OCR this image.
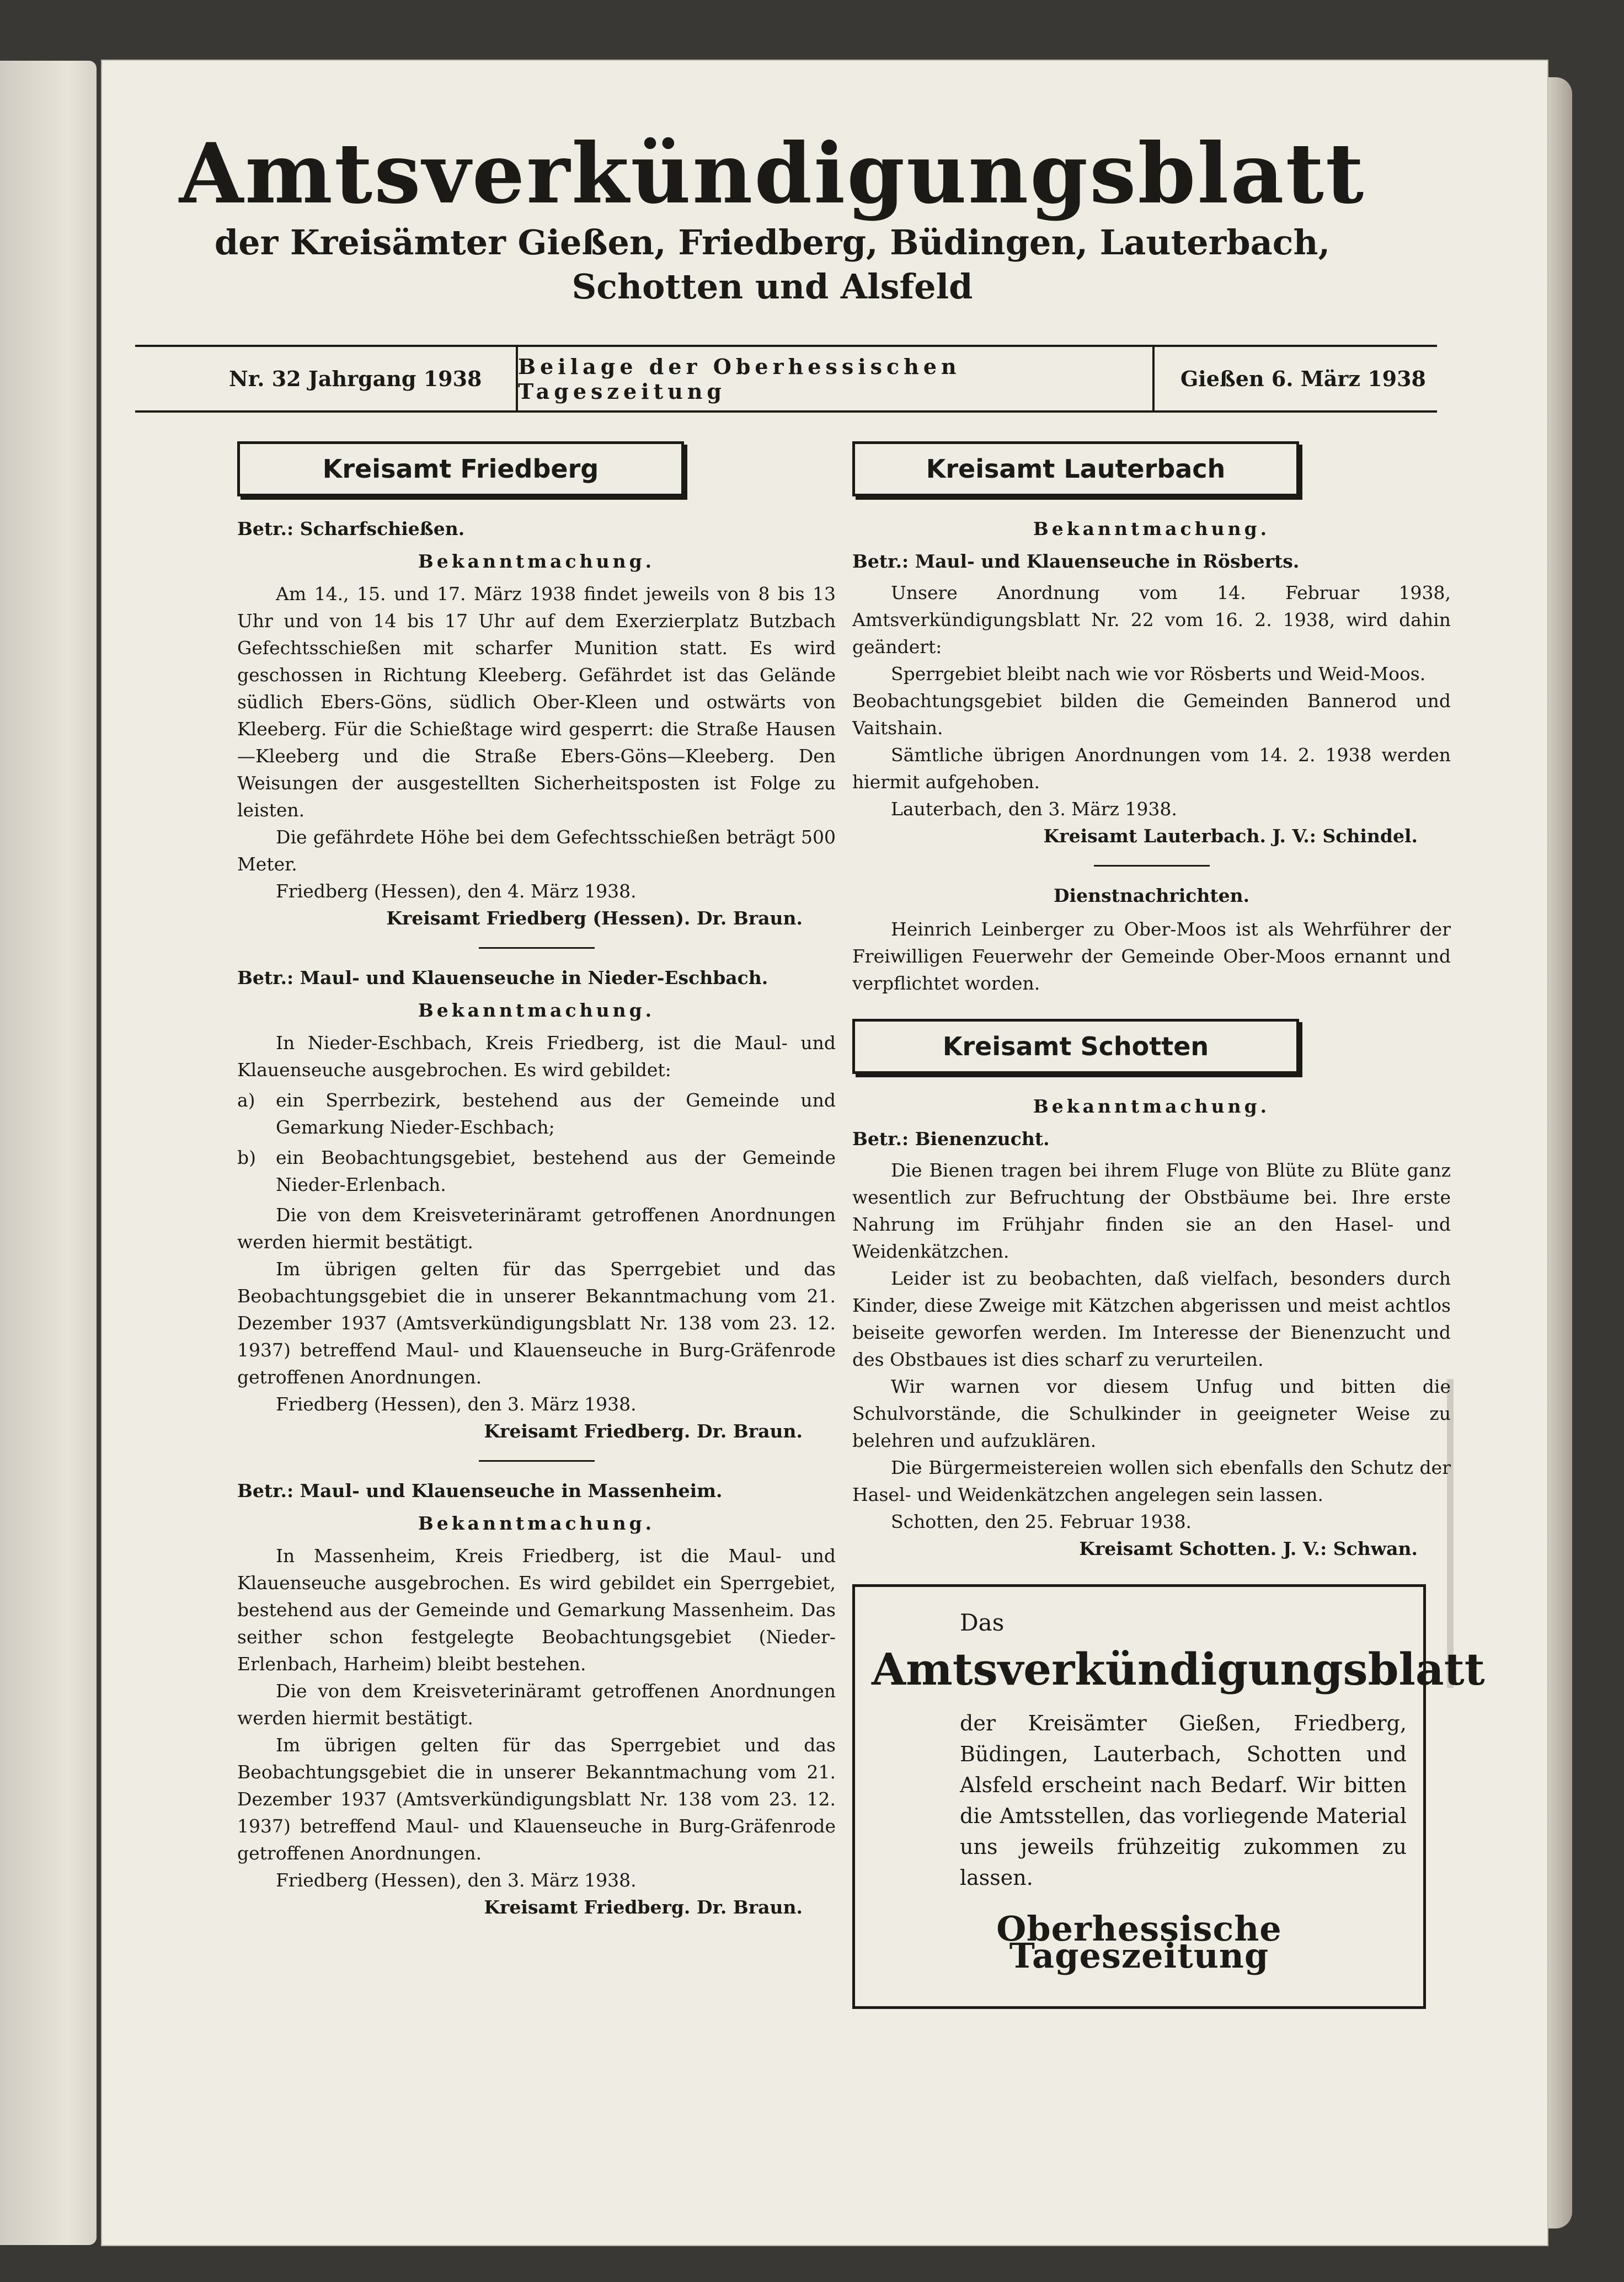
Amtsverkündigungsblatt
der Kreisämter Gießen, Friedberg, Büdingen, Lauterbach, Schotten und Alsfeld
Nr. 32 Jahrgang 1938	Beilage der Oberhessischen Tageszeitung	Gießen 6. März 1938
Kreisamt Friedberg

Betr.: Scharfschießen.

Bekanntmachung.

Am 14., 15. und 17. März 1938 findet jeweils von 8 bis 13 Uhr und von 14 bis 17 Uhr auf dem Exerzierplatz Butzbach Gefechtsschießen mit scharfer Munition statt. Es wird geschossen in Richtung Kleeberg. Gefährdet ist das Gelände südlich Ebers-Göns, südlich Ober-Kleen und ostwärts von Kleeberg. Für die Schießtage wird gesperrt: die Straße Hausen—Kleeberg und die Straße Ebers-Göns—Kleeberg. Den Weisungen der ausgestellten Sicherheitsposten ist Folge zu leisten.

Die gefährdete Höhe bei dem Gefechtsschießen beträgt 500 Meter.

Friedberg (Hessen), den 4. März 1938.

Kreisamt Friedberg (Hessen). Dr. Braun.

Betr.: Maul- und Klauenseuche in Nieder-Eschbach.

Bekanntmachung.

In Nieder-Eschbach, Kreis Friedberg, ist die Maul- und Klauenseuche ausgebrochen. Es wird gebildet:

a)	ein Sperrbezirk, bestehend aus der Gemeinde und Gemarkung Nieder-Eschbach;
b)	ein Beobachtungsgebiet, bestehend aus der Gemeinde Nieder-Erlenbach.

Die von dem Kreisveterinäramt getroffenen Anordnungen werden hiermit bestätigt.

Im übrigen gelten für das Sperrgebiet und das Beobachtungsgebiet die in unserer Bekanntmachung vom 21. Dezember 1937 (Amtsverkündigungsblatt Nr. 138 vom 23. 12. 1937) betreffend Maul- und Klauenseuche in Burg-Gräfenrode getroffenen Anordnungen.

Friedberg (Hessen), den 3. März 1938.

Kreisamt Friedberg. Dr. Braun.

Betr.: Maul- und Klauenseuche in Massenheim.

Bekanntmachung.

In Massenheim, Kreis Friedberg, ist die Maul- und Klauenseuche ausgebrochen. Es wird gebildet ein Sperrgebiet, bestehend aus der Gemeinde und Gemarkung Massenheim. Das seither schon festgelegte Beobachtungsgebiet (Nieder-Erlenbach, Harheim) bleibt bestehen.

Die von dem Kreisveterinäramt getroffenen Anordnungen werden hiermit bestätigt.

Im übrigen gelten für das Sperrgebiet und das Beobachtungsgebiet die in unserer Bekanntmachung vom 21. Dezember 1937 (Amtsverkündigungsblatt Nr. 138 vom 23. 12. 1937) betreffend Maul- und Klauenseuche in Burg-Gräfenrode getroffenen Anordnungen.

Friedberg (Hessen), den 3. März 1938.

Kreisamt Friedberg. Dr. Braun.

Kreisamt Lauterbach

Bekanntmachung.

Betr.: Maul- und Klauenseuche in Rösberts.

Unsere Anordnung vom 14. Februar 1938, Amtsverkündigungsblatt Nr. 22 vom 16. 2. 1938, wird dahin geändert:

Sperrgebiet bleibt nach wie vor Rösberts und Weid-Moos.

Beobachtungsgebiet bilden die Gemeinden Bannerod und Vaitshain.

Sämtliche übrigen Anordnungen vom 14. 2. 1938 werden hiermit aufgehoben.

Lauterbach, den 3. März 1938.

Kreisamt Lauterbach. J. V.: Schindel.

Dienstnachrichten.

Heinrich Leinberger zu Ober-Moos ist als Wehrführer der Freiwilligen Feuerwehr der Gemeinde Ober-Moos ernannt und verpflichtet worden.

Kreisamt Schotten

Bekanntmachung.

Betr.: Bienenzucht.

Die Bienen tragen bei ihrem Fluge von Blüte zu Blüte ganz wesentlich zur Befruchtung der Obstbäume bei. Ihre erste Nahrung im Frühjahr finden sie an den Hasel- und Weidenkätzchen.

Leider ist zu beobachten, daß vielfach, besonders durch Kinder, diese Zweige mit Kätzchen abgerissen und meist achtlos beiseite geworfen werden. Im Interesse der Bienenzucht und des Obstbaues ist dies scharf zu verurteilen.

Wir warnen vor diesem Unfug und bitten die Schulvorstände, die Schulkinder in geeigneter Weise zu belehren und aufzuklären.

Die Bürgermeistereien wollen sich ebenfalls den Schutz der Hasel- und Weidenkätzchen angelegen sein lassen.

Schotten, den 25. Februar 1938.

Kreisamt Schotten. J. V.: Schwan.

Das
Amtsverkündigungsblatt
der Kreisämter Gießen, Friedberg, Büdingen, Lauterbach, Schotten und Alsfeld erscheint nach Bedarf. Wir bitten die Amtsstellen, das vorliegende Material uns jeweils frühzeitig zukommen zu lassen.
Oberhessische Tageszeitung
